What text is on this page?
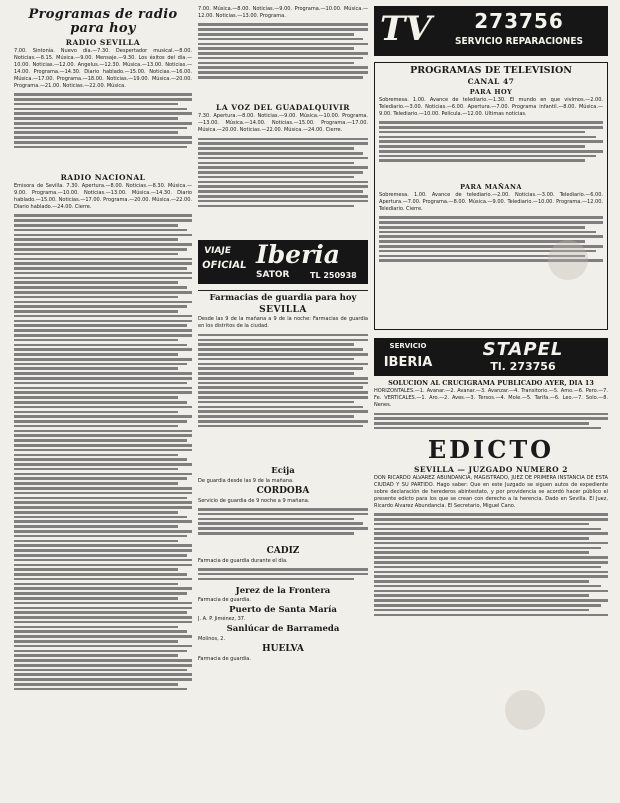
Programas de radio para hoy
RADIO SEVILLA
7.00. Sintonía. Nuevo día.—7.30. Despertador musical.—8.00. Noticias.—8.15. Música.—9.00. Mensaje.—9.30. Los éxitos del día.—10.00. Noticias.—12.00. Angelus.—12.30. Música.—13.00. Noticias.—14.00. Programa.—14.30. Diario hablado.—15.00. Noticias.—16.00. Música.—17.00. Programa.—18.00. Noticias.—19.00. Música.—20.00. Programa.—21.00. Noticias.—22.00. Música.
RADIO NACIONAL
Emisora de Sevilla. 7.30. Apertura.—8.00. Noticias.—8.30. Música.—9.00. Programa.—10.00. Noticias.—13.00. Música.—14.30. Diario hablado.—15.00. Noticias.—17.00. Programa.—20.00. Música.—22.00. Diario hablado.—24.00. Cierre.
7.00. Música.—8.00. Noticias.—9.00. Programa.—10.00. Música.—12.00. Noticias.—13.00. Programa.
LA VOZ DEL GUADALQUIVIR
7.30. Apertura.—8.00. Noticias.—9.00. Música.—10.00. Programa.—13.00. Música.—14.00. Noticias.—15.00. Programa.—17.00. Música.—20.00. Noticias.—22.00. Música.—24.00. Cierre.
VIAJE
OFICIAL Iberia
SATOR	TL 250938
Farmacias de guardia para hoy
SEVILLA
Desde las 9 de la mañana a 9 de la noche: Farmacias de guardia en los distritos de la ciudad.
Ecija
De guardia desde las 9 de la mañana.
CORDOBA
Servicio de guardia de 9 noche a 9 mañana.
CADIZ
Farmacia de guardia durante el día.
Jerez de la Frontera
Farmacia de guardia.
Puerto de Santa María
J. A. P. Jiménez, 37.
Sanlúcar de Barrameda
Molinos, 2.
HUELVA
Farmacia de guardia.
TV	273756
SERVICIO REPARACIONES
PROGRAMAS DE TELEVISION
CANAL 47
PARA HOY
Sobremesa. 1.00. Avance de telediario.—1.30. El mundo en que vivimos.—2.00. Telediario.—3.00. Noticias.—6.00. Apertura.—7.00. Programa infantil.—8.00. Música.—9.00. Telediario.—10.00. Película.—12.00. Ultimas noticias.
PARA MAÑANA
Sobremesa. 1.00. Avance de telediario.—2.00. Noticias.—3.00. Telediario.—6.00. Apertura.—7.00. Programa.—8.00. Música.—9.00. Telediario.—10.00. Programa.—12.00. Telediario. Cierre.
SERVICIO
IBERIA
STAPEL
Tl. 273756
SOLUCION AL CRUCIGRAMA PUBLICADO AYER, DIA 13
HORIZONTALES.—1. Avanar.—2. Avanar.—3. Avanzar.—4. Transitorio.—5. Amo.—6. Pero.—7. Fe. VERTICALES.—1. Aro.—2. Aves.—3. Tersos.—4. Mole.—5. Tarifa.—6. Leo.—7. Solo.—8. Nenes.
EDICTO
SEVILLA — JUZGADO NUMERO 2
DON RICARDO ALVAREZ ABUNDANCIA, MAGISTRADO, JUEZ DE PRIMERA INSTANCIA DE ESTA CIUDAD Y SU PARTIDO. Hago saber: Que en este Juzgado se siguen autos de expediente sobre declaración de herederos abintestato, y por providencia se acordó hacer público el presente edicto para los que se crean con derecho a la herencia. Dado en Sevilla. El Juez, Ricardo Alvarez Abundancia. El Secretario, Miguel Cano.
